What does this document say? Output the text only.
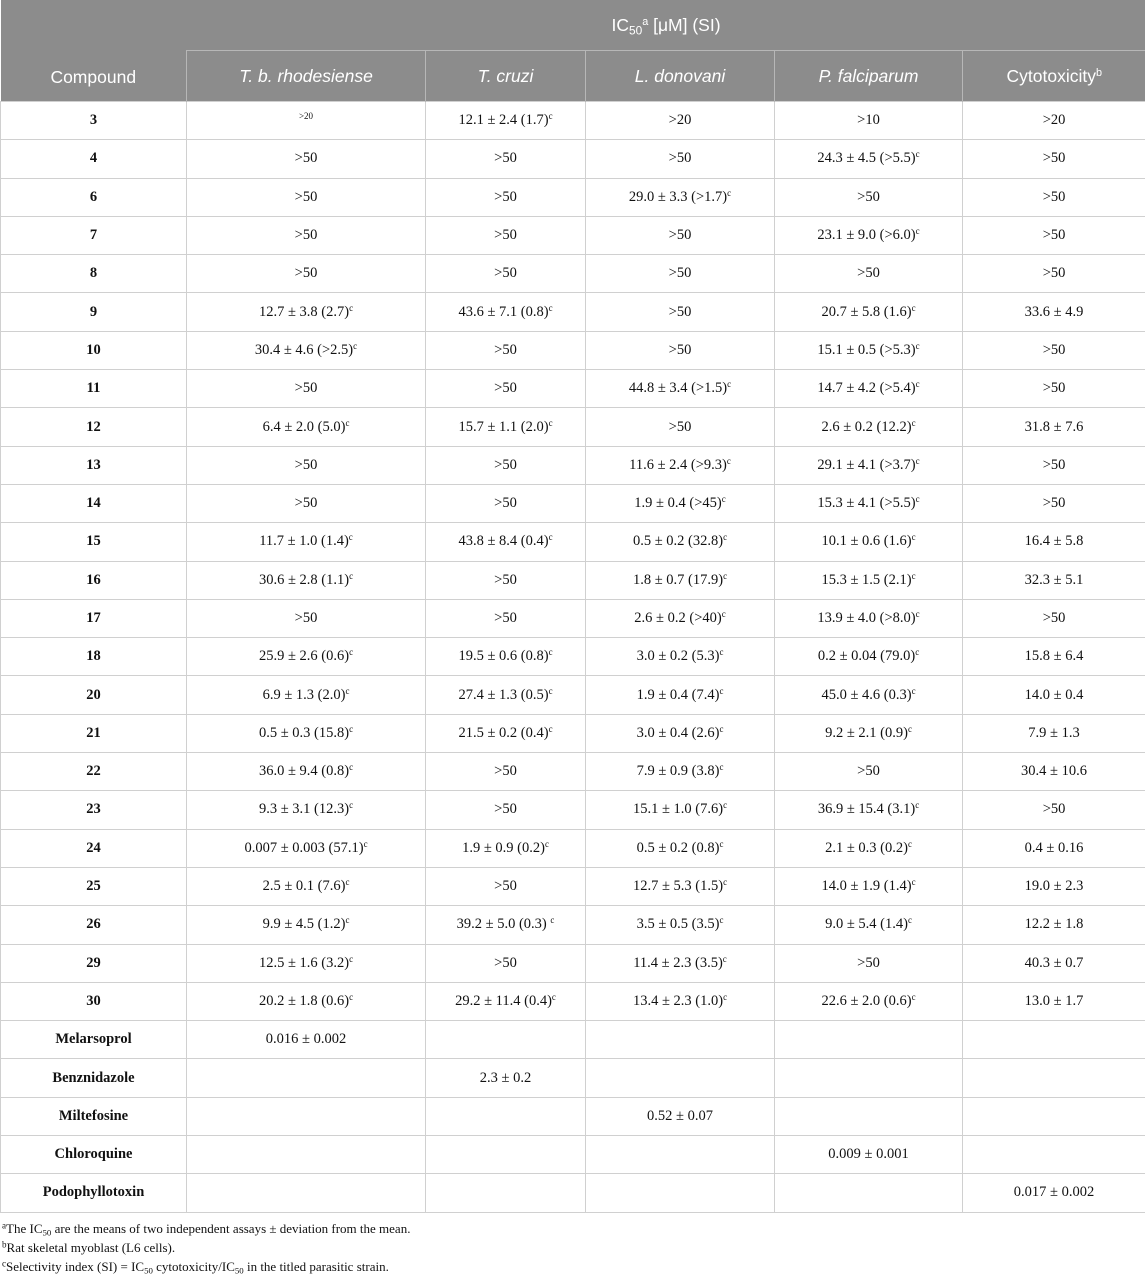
Compound	$IC_{50}^a$ [μM] (SI)				
	T. b. rhodesiense	T. cruzi	L. donovani	P. falciparum	Cytotoxicity$^b$
3	$^{>20}$	12.1 ± 2.4 $(1.7)^c$	>20	>10	>20
4	>50	>50	>50	24.3 ± 4.5 (>5.5)$^c$	>50
6	>50	>50	29.0 ± 3.3 (>1.7)$^c$	>50	>50
7	>50	>50	>50	23.1 ± 9.0 (>6.0)$^c$	>50
8	>50	>50	>50	>50	>50
9	12.7 ± 3.8 $(2.7)^c$	43.6 ± 7.1 $(0.8)^c$	>50	20.7 ± 5.8 $(1.6)^c$	33.6 ± 4.9
10	30.4 ± 4.6 (>2.5)$^c$	>50	>50	15.1 ± 0.5 (>5.3)$^c$	>50
11	>50	>50	44.8 ± 3.4 (>1.5)$^c$	14.7 ± 4.2 (>5.4)$^c$	>50
12	6.4 ± 2.0 $(5.0)^c$	15.7 ± 1.1 $(2.0)^c$	>50	2.6 ± 0.2 $(12.2)^c$	31.8 ± 7.6
13	>50	>50	11.6 ± 2.4 (>9.3)$^c$	29.1 ± 4.1 (>3.7)$^c$	>50
14	>50	>50	1.9 ± 0.4 (>45)$^c$	15.3 ± 4.1 (>5.5)$^c$	>50
15	11.7 ± 1.0 $(1.4)^c$	43.8 ± 8.4 $(0.4)^c$	0.5 ± 0.2 $(32.8)^c$	10.1 ± 0.6 $(1.6)^c$	16.4 ± 5.8
16	30.6 ± 2.8 $(1.1)^c$	>50	1.8 ± 0.7 $(17.9)^c$	15.3 ± 1.5 $(2.1)^c$	32.3 ± 5.1
17	>50	>50	2.6 ± 0.2 (>40)$^c$	13.9 ± 4.0 (>8.0)$^c$	>50
18	25.9 ± 2.6 $(0.6)^c$	19.5 ± 0.6 $(0.8)^c$	3.0 ± 0.2 $(5.3)^c$	0.2 ± 0.04 $(79.0)^c$	15.8 ± 6.4
20	6.9 ± 1.3 $(2.0)^c$	27.4 ± 1.3 $(0.5)^c$	1.9 ± 0.4 $(7.4)^c$	45.0 ± 4.6 $(0.3)^c$	14.0 ± 0.4
21	0.5 ± 0.3 $(15.8)^c$	21.5 ± 0.2 $(0.4)^c$	3.0 ± 0.4 $(2.6)^c$	9.2 ± 2.1 $(0.9)^c$	7.9 ± 1.3
22	36.0 ± 9.4 $(0.8)^c$	>50	7.9 ± 0.9 $(3.8)^c$	>50	30.4 ± 10.6
23	9.3 ± 3.1 $(12.3)^c$	>50	15.1 ± 1.0 $(7.6)^c$	36.9 ± 15.4 $(3.1)^c$	>50
24	0.007 ± 0.003 $(57.1)^c$	1.9 ± 0.9 $(0.2)^c$	0.5 ± 0.2 $(0.8)^c$	2.1 ± 0.3 $(0.2)^c$	0.4 ± 0.16
25	2.5 ± 0.1 $(7.6)^c$	>50	12.7 ± 5.3 $(1.5)^c$	14.0 ± 1.9 $(1.4)^c$	19.0 ± 2.3
26	9.9 ± 4.5 $(1.2)^c$	39.2 ± 5.0 (0.3) $^c$	3.5 ± 0.5 $(3.5)^c$	9.0 ± 5.4 $(1.4)^c$	12.2 ± 1.8
29	12.5 ± 1.6 $(3.2)^c$	>50	11.4 ± 2.3 $(3.5)^c$	>50	40.3 ± 0.7
30	20.2 ± 1.8 $(0.6)^c$	29.2 ± 11.4 $(0.4)^c$	13.4 ± 2.3 $(1.0)^c$	22.6 ± 2.0 $(0.6)^c$	13.0 ± 1.7
Melarsoprol	0.016 ± 0.002				
Benznidazole		2.3 ± 0.2			
Miltefosine			0.52 ± 0.07		
Chloroquine				0.009 ± 0.001	
Podophyllotoxin					0.017 ± 0.002
$^a$The $IC_{50}$ are the means of two independent assays ± deviation from the mean.
$^b$Rat skeletal myoblast (L6 cells).
$^c$Selectivity index $(SI) = IC_{50}$ cytotoxicity/$IC_{50}$ in the titled parasitic strain.
